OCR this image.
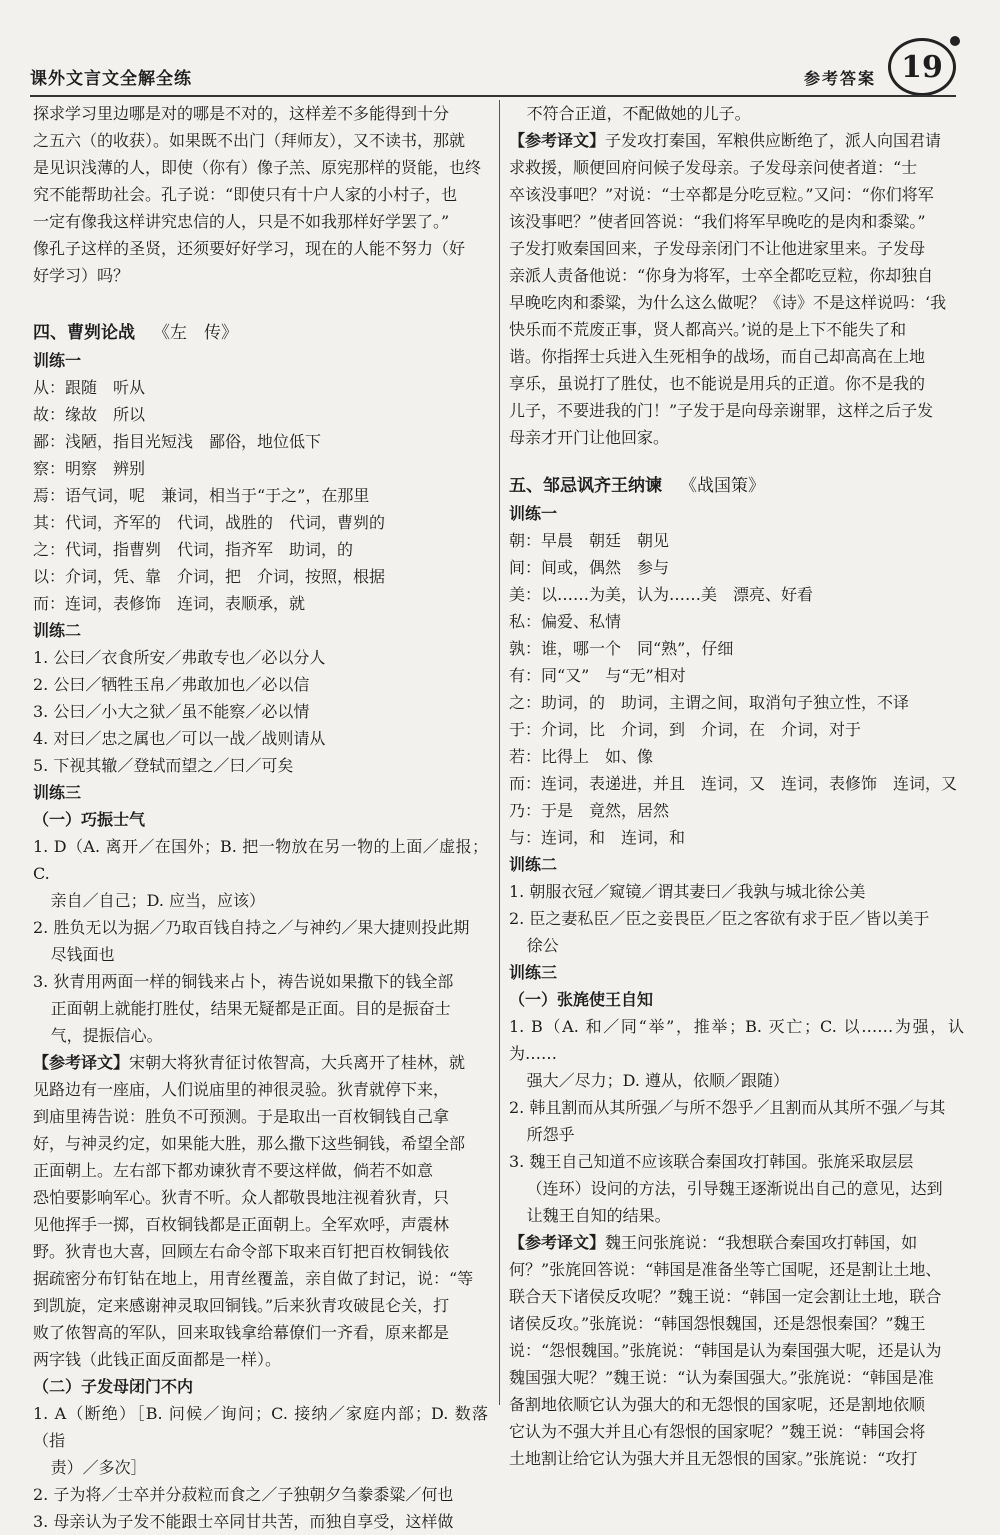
课外文言文全解全练	参考答案 19

探求学习里边哪是对的哪是不对的，这样差不多能得到十分

之五六（的收获）。如果既不出门（拜师友），又不读书，那就

是见识浅薄的人，即使（你有）像子羔、原宪那样的贤能，也终

究不能帮助社会。孔子说：“即使只有十户人家的小村子，也

一定有像我这样讲究忠信的人，只是不如我那样好学罢了。”

像孔子这样的圣贤，还须要好好学习，现在的人能不努力（好

好学习）吗？

四、曹刿论战 《左　传》

训练一

从：跟随　听从

故：缘故　所以

鄙：浅陋，指目光短浅　鄙俗，地位低下

察：明察　辨别

焉：语气词，呢　兼词，相当于“于之”，在那里

其：代词，齐军的　代词，战胜的　代词，曹刿的

之：代词，指曹刿　代词，指齐军　助词，的

以：介词，凭、靠　介词，把　介词，按照，根据

而：连词，表修饰　连词，表顺承，就

训练二

1. 公曰／衣食所安／弗敢专也／必以分人

2. 公曰／牺牲玉帛／弗敢加也／必以信

3. 公曰／小大之狱／虽不能察／必以情

4. 对曰／忠之属也／可以一战／战则请从

5. 下视其辙／登轼而望之／曰／可矣

训练三

（一）巧振士气

1. D（A. 离开／在国外；B. 把一物放在另一物的上面／虚报；C.

亲自／自己；D. 应当，应该）

2. 胜负无以为据／乃取百钱自持之／与神约／果大捷则投此期

尽钱面也

3. 狄青用两面一样的铜钱来占卜，祷告说如果撒下的钱全部

正面朝上就能打胜仗，结果无疑都是正面。目的是振奋士

气，提振信心。

【参考译文】宋朝大将狄青征讨侬智高，大兵离开了桂林，就

见路边有一座庙，人们说庙里的神很灵验。狄青就停下来，

到庙里祷告说：胜负不可预测。于是取出一百枚铜钱自己拿

好，与神灵约定，如果能大胜，那么撒下这些铜钱，希望全部

正面朝上。左右部下都劝谏狄青不要这样做，倘若不如意

恐怕要影响军心。狄青不听。众人都敬畏地注视着狄青，只

见他挥手一掷，百枚铜钱都是正面朝上。全军欢呼，声震林

野。狄青也大喜，回顾左右命令部下取来百钉把百枚铜钱依

据疏密分布钉钻在地上，用青丝覆盖，亲自做了封记，说：“等

到凯旋，定来感谢神灵取回铜钱。”后来狄青攻破昆仑关，打

败了侬智高的军队，回来取钱拿给幕僚们一齐看，原来都是

两字钱（此钱正面反面都是一样）。

（二）子发母闭门不内

1. A（断绝）［B. 问候／询问；C. 接纳／家庭内部；D. 数落（指

责）／多次］

2. 子为将／士卒并分菽粒而食之／子独朝夕刍豢黍粱／何也

3. 母亲认为子发不能跟士卒同甘共苦，而独自享受，这样做

不符合正道，不配做她的儿子。

【参考译文】子发攻打秦国，军粮供应断绝了，派人向国君请

求救援，顺便回府问候子发母亲。子发母亲问使者道：“士

卒该没事吧？”对说：“士卒都是分吃豆粒。”又问：“你们将军

该没事吧？”使者回答说：“我们将军早晚吃的是肉和黍粱。”

子发打败秦国回来，子发母亲闭门不让他进家里来。子发母

亲派人责备他说：“你身为将军，士卒全都吃豆粒，你却独自

早晚吃肉和黍粱，为什么这么做呢？《诗》不是这样说吗：‘我

快乐而不荒废正事，贤人都高兴。’说的是上下不能失了和

谐。你指挥士兵进入生死相争的战场，而自己却高高在上地

享乐，虽说打了胜仗，也不能说是用兵的正道。你不是我的

儿子，不要进我的门！”子发于是向母亲谢罪，这样之后子发

母亲才开门让他回家。

五、邹忌讽齐王纳谏 《战国策》

训练一

朝：早晨　朝廷　朝见

间：间或，偶然　参与

美：以……为美，认为……美　漂亮、好看

私：偏爱、私情

孰：谁，哪一个　同“熟”，仔细

有：同“又”　与“无”相对

之：助词，的　助词，主谓之间，取消句子独立性，不译

于：介词，比　介词，到　介词，在　介词，对于

若：比得上　如、像

而：连词，表递进，并且　连词，又　连词，表修饰　连词，又

乃：于是　竟然，居然

与：连词，和　连词，和

训练二

1. 朝服衣冠／窥镜／谓其妻曰／我孰与城北徐公美

2. 臣之妻私臣／臣之妾畏臣／臣之客欲有求于臣／皆以美于

徐公

训练三

（一）张旄使王自知

1. B（A. 和／同“举”，推举；B. 灭亡；C. 以……为强，认为……

强大／尽力；D. 遵从，依顺／跟随）

2. 韩且割而从其所强／与所不怨乎／且割而从其所不强／与其

所怨乎

3. 魏王自己知道不应该联合秦国攻打韩国。张旄采取层层

（连环）设问的方法，引导魏王逐渐说出自己的意见，达到

让魏王自知的结果。

【参考译文】魏王问张旄说：“我想联合秦国攻打韩国，如

何？”张旄回答说：“韩国是准备坐等亡国呢，还是割让土地、

联合天下诸侯反攻呢？”魏王说：“韩国一定会割让土地，联合

诸侯反攻。”张旄说：“韩国怨恨魏国，还是怨恨秦国？”魏王

说：“怨恨魏国。”张旄说：“韩国是认为秦国强大呢，还是认为

魏国强大呢？”魏王说：“认为秦国强大。”张旄说：“韩国是准

备割地依顺它认为强大的和无怨恨的国家呢，还是割地依顺

它认为不强大并且心有怨恨的国家呢？”魏王说：“韩国会将

土地割让给它认为强大并且无怨恨的国家。”张旄说：“攻打
